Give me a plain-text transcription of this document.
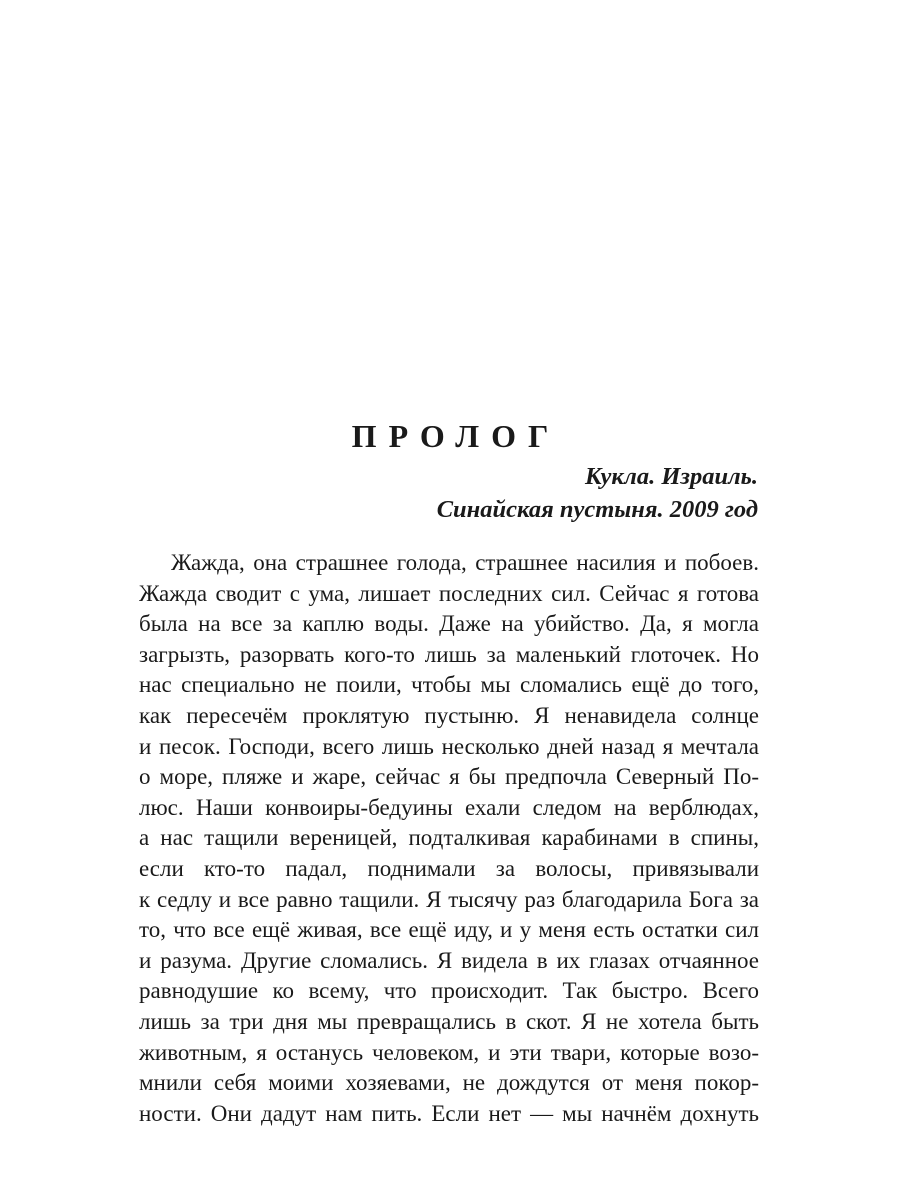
ПРОЛОГ
Кукла. Израиль.
Синайская пустыня. 2009 год
Жажда, она страшнее голода, страшнее насилия и побоев.
Жажда сводит с ума, лишает последних сил. Сейчас я готова
была на все за каплю воды. Даже на убийство. Да, я могла
загрызть, разорвать кого-то лишь за маленький глоточек. Но
нас специально не поили, чтобы мы сломались ещё до того,
как пересечём проклятую пустыню. Я ненавидела солнце
и песок. Господи, всего лишь несколько дней назад я мечтала
о море, пляже и жаре, сейчас я бы предпочла Северный По-
люс. Наши конвоиры-бедуины ехали следом на верблюдах,
а нас тащили вереницей, подталкивая карабинами в спины,
если кто-то падал, поднимали за волосы, привязывали
к седлу и все равно тащили. Я тысячу раз благодарила Бога за
то, что все ещё живая, все ещё иду, и у меня есть остатки сил
и разума. Другие сломались. Я видела в их глазах отчаянное
равнодушие ко всему, что происходит. Так быстро. Всего
лишь за три дня мы превращались в скот. Я не хотела быть
животным, я останусь человеком, и эти твари, которые возо-
мнили себя моими хозяевами, не дождутся от меня покор-
ности. Они дадут нам пить. Если нет — мы начнём дохнуть
